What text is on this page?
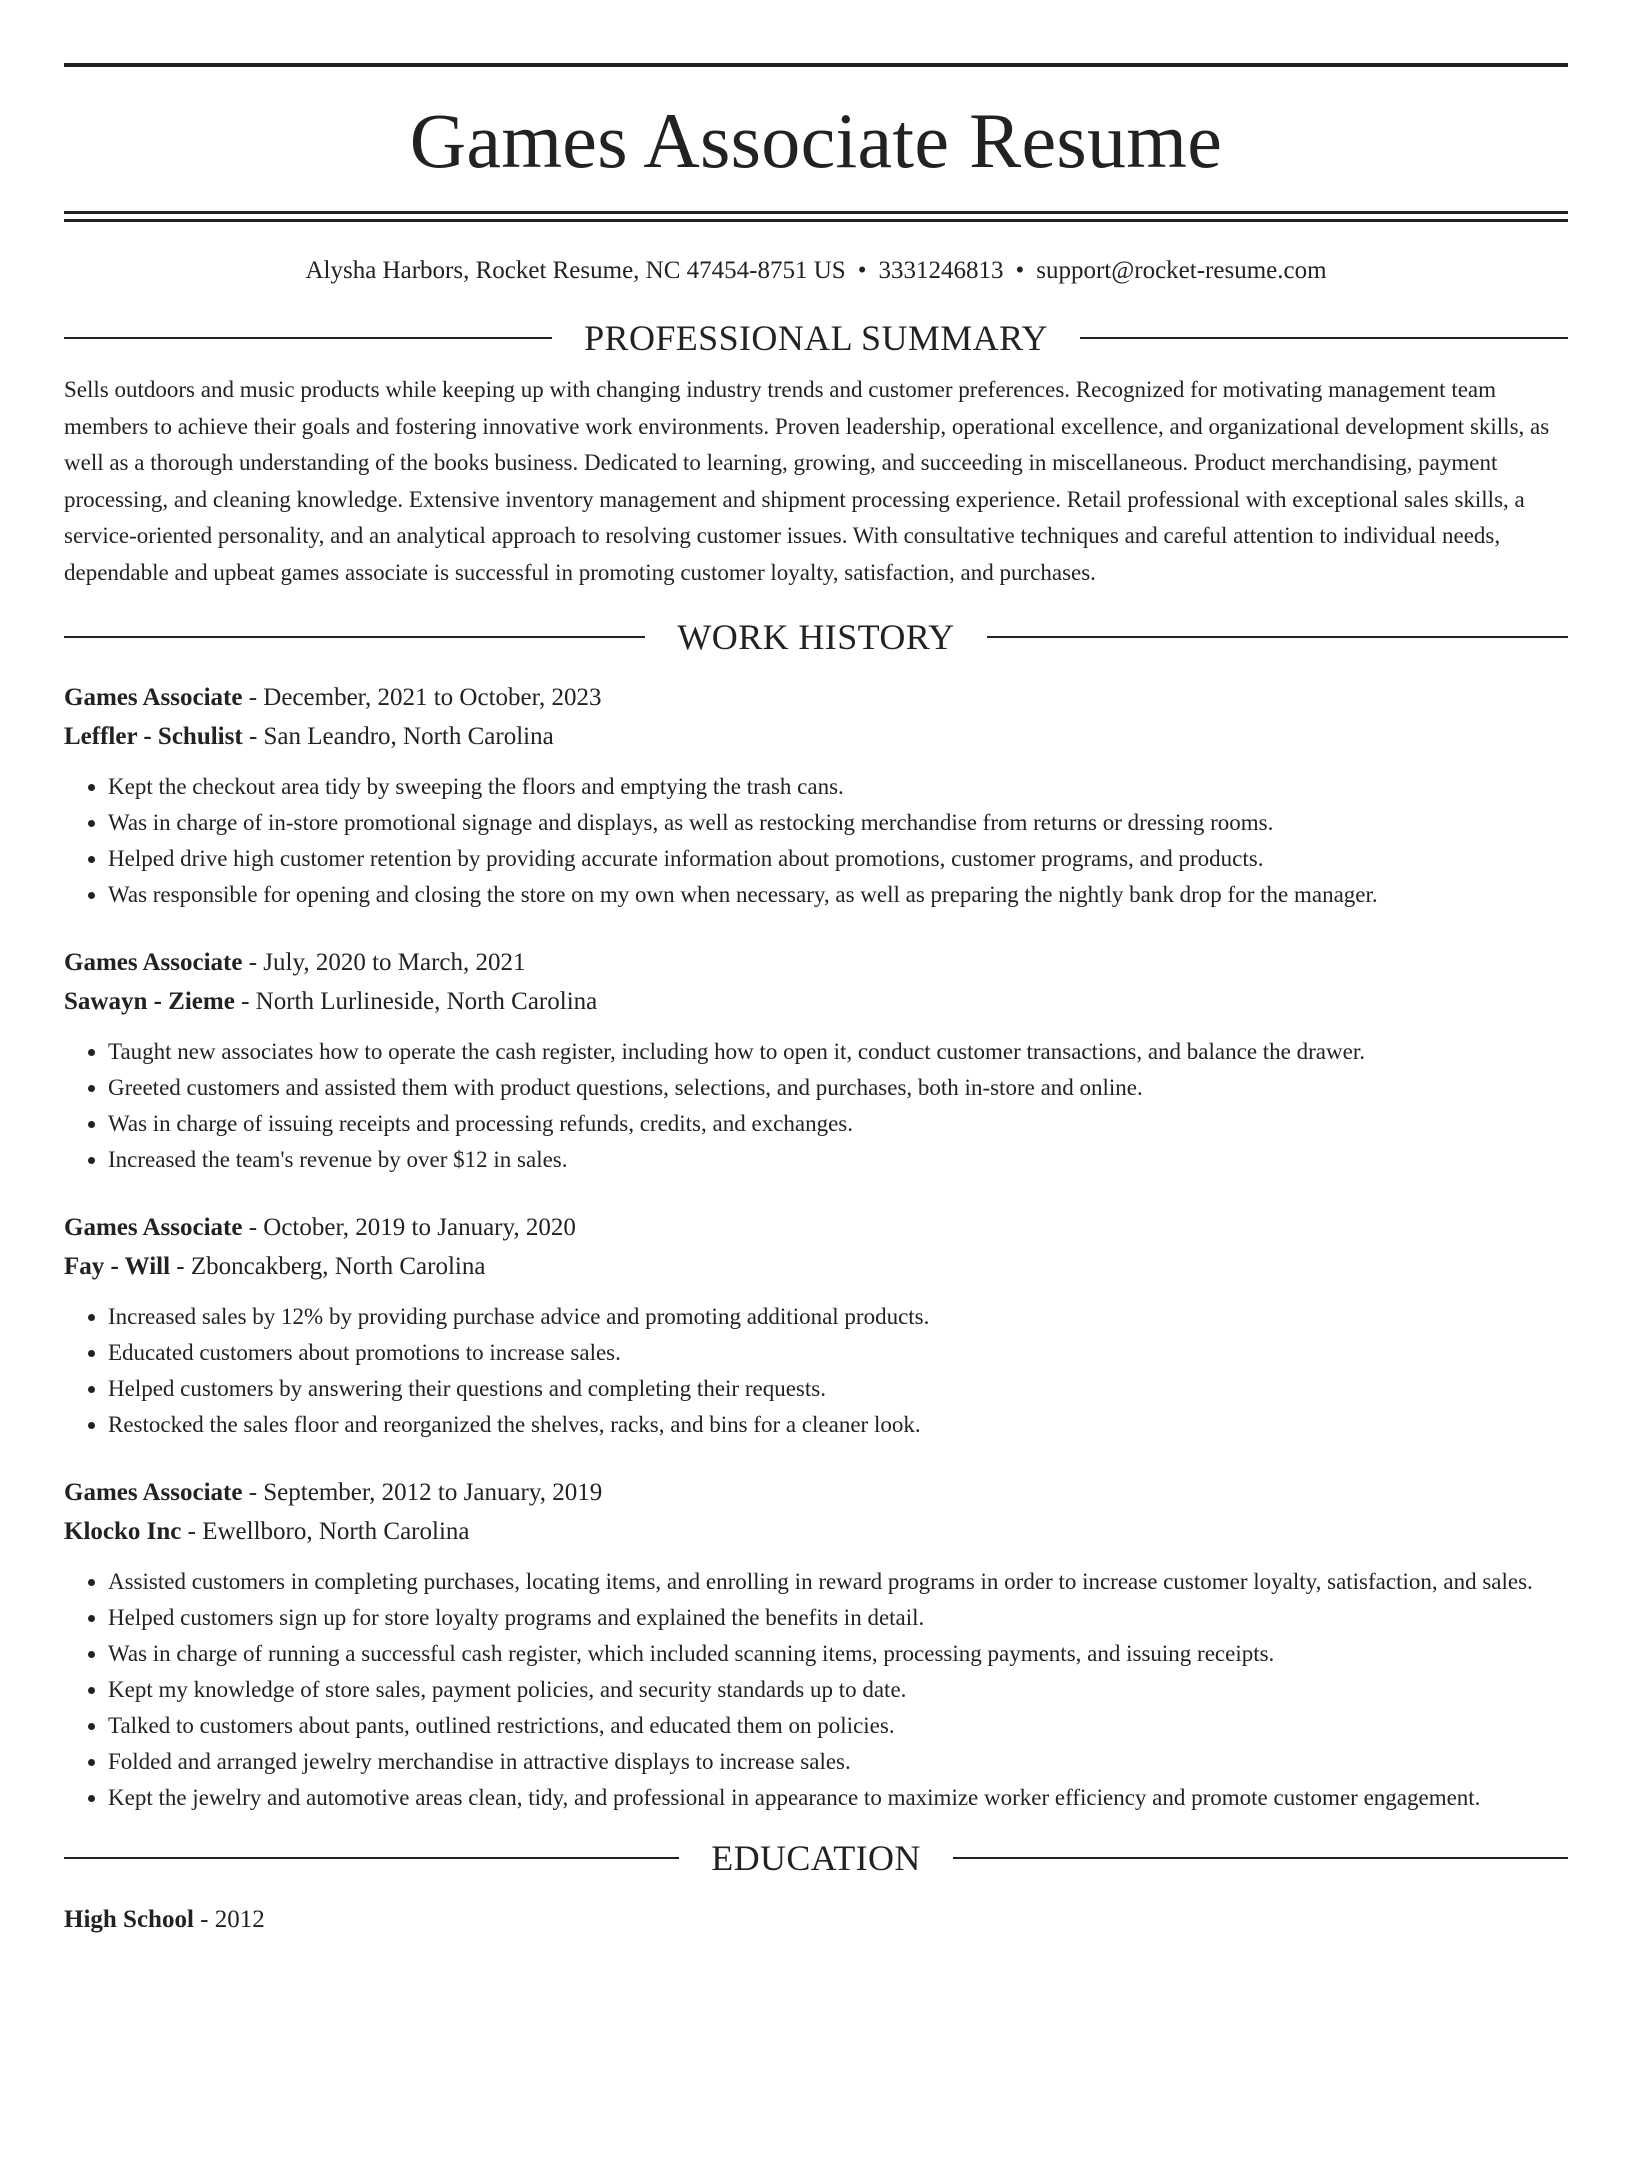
Games Associate Resume
Alysha Harbors, Rocket Resume, NC 47454-8751 US • 3331246813 • support@rocket-resume.com
PROFESSIONAL SUMMARY

Sells outdoors and music products while keeping up with changing industry trends and customer preferences. Recognized for motivating management team members to achieve their goals and fostering innovative work environments. Proven leadership, operational excellence, and organizational development skills, as well as a thorough understanding of the books business. Dedicated to learning, growing, and succeeding in miscellaneous. Product merchandising, payment processing, and cleaning knowledge. Extensive inventory management and shipment processing experience. Retail professional with exceptional sales skills, a service-oriented personality, and an analytical approach to resolving customer issues. With consultative techniques and careful attention to individual needs, dependable and upbeat games associate is successful in promoting customer loyalty, satisfaction, and purchases.

WORK HISTORY

Games Associate - December, 2021 to October, 2023

Leffler - Schulist - San Leandro, North Carolina

• Kept the checkout area tidy by sweeping the floors and emptying the trash cans.
• Was in charge of in-store promotional signage and displays, as well as restocking merchandise from returns or dressing rooms.
• Helped drive high customer retention by providing accurate information about promotions, customer programs, and products.
• Was responsible for opening and closing the store on my own when necessary, as well as preparing the nightly bank drop for the manager.

Games Associate - July, 2020 to March, 2021

Sawayn - Zieme - North Lurlineside, North Carolina

• Taught new associates how to operate the cash register, including how to open it, conduct customer transactions, and balance the drawer.
• Greeted customers and assisted them with product questions, selections, and purchases, both in-store and online.
• Was in charge of issuing receipts and processing refunds, credits, and exchanges.
• Increased the team's revenue by over $12 in sales.

Games Associate - October, 2019 to January, 2020

Fay - Will - Zboncakberg, North Carolina

• Increased sales by 12% by providing purchase advice and promoting additional products.
• Educated customers about promotions to increase sales.
• Helped customers by answering their questions and completing their requests.
• Restocked the sales floor and reorganized the shelves, racks, and bins for a cleaner look.

Games Associate - September, 2012 to January, 2019

Klocko Inc - Ewellboro, North Carolina

• Assisted customers in completing purchases, locating items, and enrolling in reward programs in order to increase customer loyalty, satisfaction, and sales.
• Helped customers sign up for store loyalty programs and explained the benefits in detail.
• Was in charge of running a successful cash register, which included scanning items, processing payments, and issuing receipts.
• Kept my knowledge of store sales, payment policies, and security standards up to date.
• Talked to customers about pants, outlined restrictions, and educated them on policies.
• Folded and arranged jewelry merchandise in attractive displays to increase sales.
• Kept the jewelry and automotive areas clean, tidy, and professional in appearance to maximize worker efficiency and promote customer engagement.
EDUCATION

High School - 2012
